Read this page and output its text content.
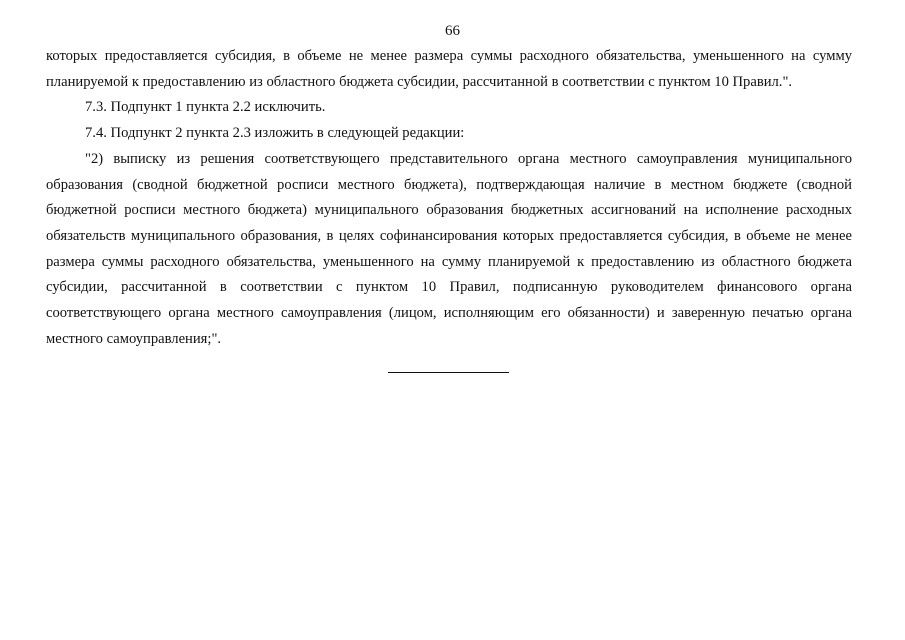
66

которых предоставляется субсидия, в объеме не менее размера суммы расходного обязательства, уменьшенного на сумму планируемой к предоставлению из областного бюджета субсидии, рассчитанной в соответствии с пунктом 10 Правил.".

7.3. Подпункт 1 пункта 2.2 исключить.

7.4. Подпункт 2 пункта 2.3 изложить в следующей редакции:

"2) выписку из решения соответствующего представительного органа местного самоуправления муниципального образования (сводной бюджетной росписи местного бюджета), подтверждающая наличие в местном бюджете (сводной бюджетной росписи местного бюджета) муниципального образования бюджетных ассигнований на исполнение расходных обязательств муниципального образования, в целях софинансирования которых предоставляется субсидия, в объеме не менее размера суммы расходного обязательства, уменьшенного на сумму планируемой к предоставлению из областного бюджета субсидии, рассчитанной в соответствии с пунктом 10 Правил, подписанную руководителем финансового органа соответствующего органа местного самоуправления (лицом, исполняющим его обязанности) и заверенную печатью органа местного самоуправления;".
